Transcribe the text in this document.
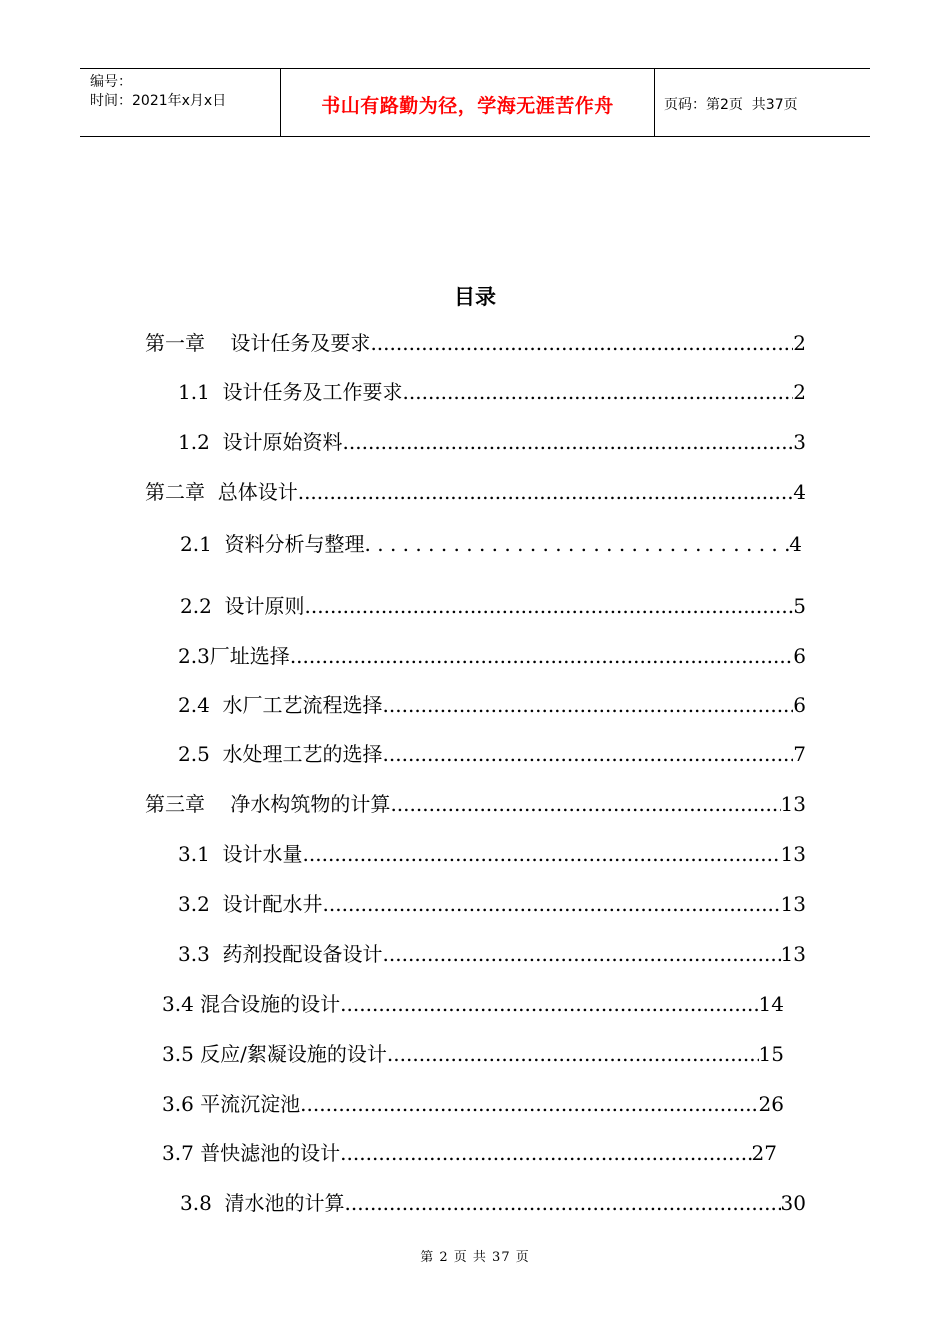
编号：
时间：2021年x月x日	书山有路勤为径，学海无涯苦作舟	页码：第2页  共37页
目录
第一章    设计任务及要求 .....	2
1.1  设计任务及工作要求 .....	2
1.2  设计原始资料 .....	3
第二章  总体设计 .....	4
2.1  资料分析与整理 . . .	4
2.2  设计原则 .....	5
2.3厂址选择 .....	6
2.4  水厂工艺流程选择 .....	6
2.5  水处理工艺的选择 .....	7
第三章    净水构筑物的计算 .....	13
3.1  设计水量 .....	13
3.2  设计配水井 .....	13
3.3  药剂投配设备设计 .....	13
3.4 混合设施的设计 .....	14
3.5 反应/絮凝设施的设计 .....	15
3.6 平流沉淀池 .....	26
3.7 普快滤池的设计 .....	27
3.8  清水池的计算 .....	30
第 2 页 共 37 页
